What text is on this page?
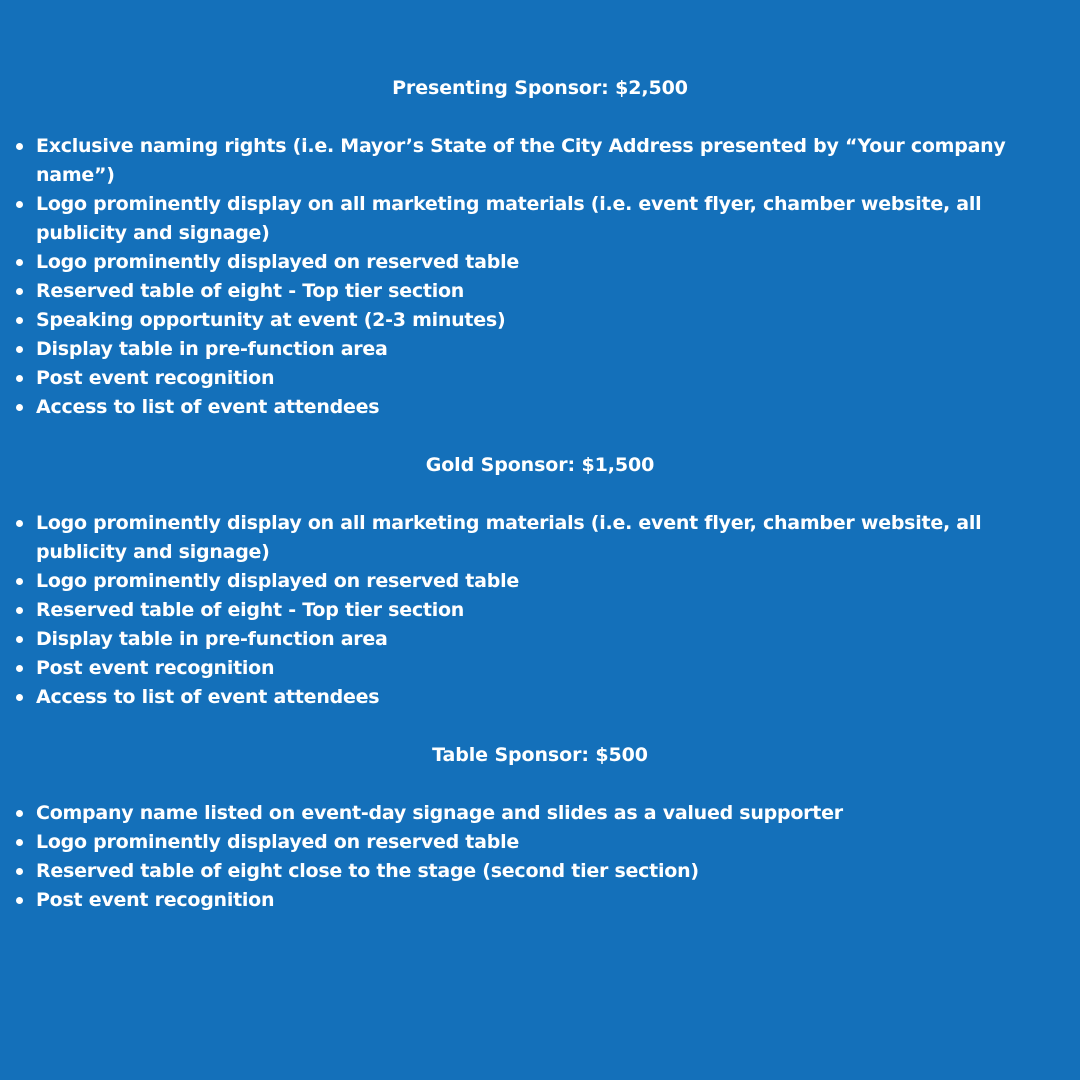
Presenting Sponsor: $2,500
Exclusive naming rights (i.e. Mayor’s State of the City Address presented by “Your company name”)
Logo prominently display on all marketing materials (i.e. event flyer, chamber website, all publicity and signage)
Logo prominently displayed on reserved table
Reserved table of eight - Top tier section
Speaking opportunity at event (2-3 minutes)
Display table in pre-function area
Post event recognition
Access to list of event attendees
Gold Sponsor: $1,500
Logo prominently display on all marketing materials (i.e. event flyer, chamber website, all publicity and signage)
Logo prominently displayed on reserved table
Reserved table of eight - Top tier section
Display table in pre-function area
Post event recognition
Access to list of event attendees
Table Sponsor: $500
Company name listed on event-day signage and slides as a valued supporter
Logo prominently displayed on reserved table
Reserved table of eight close to the stage (second tier section)
Post event recognition
